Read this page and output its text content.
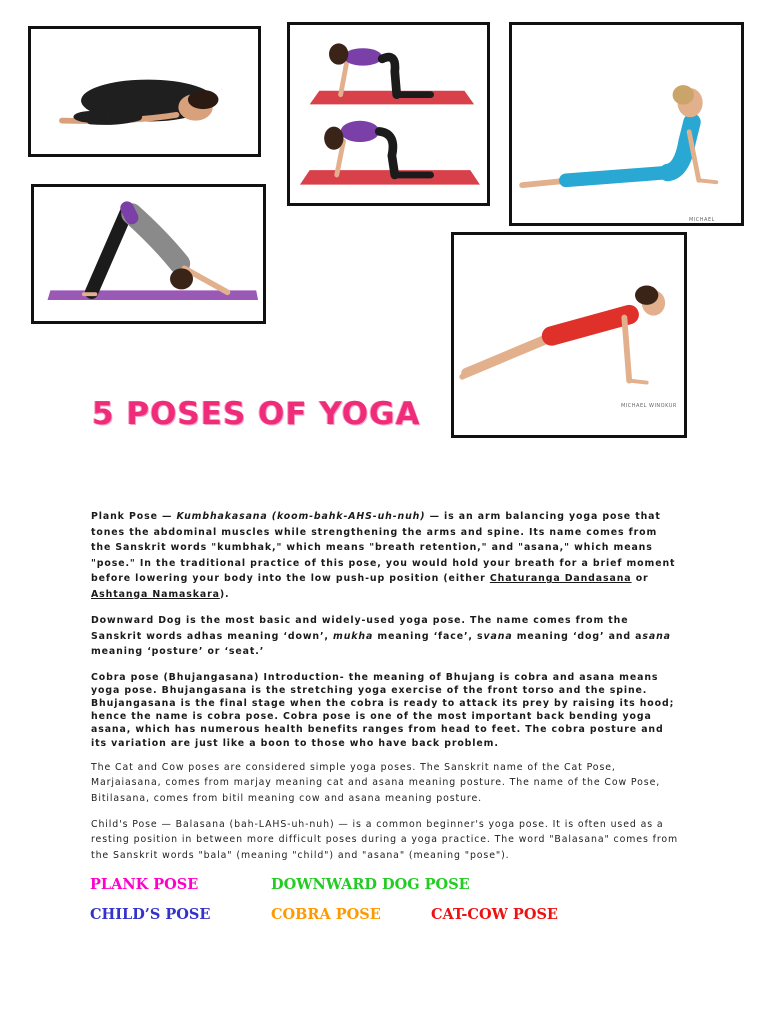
MICHAEL WINOKUR
MICHAEL WINOKUR
5 POSES OF YOGA

Plank Pose — Kumbhakasana (koom-bahk-AHS-uh-nuh) — is an arm balancing yoga pose that tones the abdominal muscles while strengthening the arms and spine. Its name comes from the Sanskrit words "kumbhak," which means "breath retention," and "asana," which means "pose." In the traditional practice of this pose, you would hold your breath for a brief moment before lowering your body into the low push-up position (either Chaturanga Dandasana or Ashtanga Namaskara).

Downward Dog is the most basic and widely-used yoga pose. The name comes from the Sanskrit words adhas meaning ‘down’, mukha meaning ‘face’, svana meaning ‘dog’ and asana meaning ‘posture’ or ‘seat.’

Cobra pose (Bhujangasana) Introduction- the meaning of Bhujang is cobra and asana means yoga pose. Bhujangasana is the stretching yoga exercise of the front torso and the spine. Bhujangasana is the final stage when the cobra is ready to attack its prey by raising its hood; hence the name is cobra pose. Cobra pose is one of the most important back bending yoga asana, which has numerous health benefits ranges from head to feet. The cobra posture and its variation are just like a boon to those who have back problem.

The Cat and Cow poses are considered simple yoga poses. The Sanskrit name of the Cat Pose, Marjaiasana, comes from marjay meaning cat and asana meaning posture. The name of the Cow Pose, Bitilasana, comes from bitil meaning cow and asana meaning posture.

Child's Pose — Balasana (bah-LAHS-uh-nuh) — is a common beginner's yoga pose. It is often used as a resting position in between more difficult poses during a yoga practice. The word "Balasana" comes from the Sanskrit words "bala" (meaning "child") and "asana" (meaning "pose").

PLANK POSE	DOWNWARD DOG POSE
CHILD’S POSE	COBRA POSE	CAT-COW POSE
